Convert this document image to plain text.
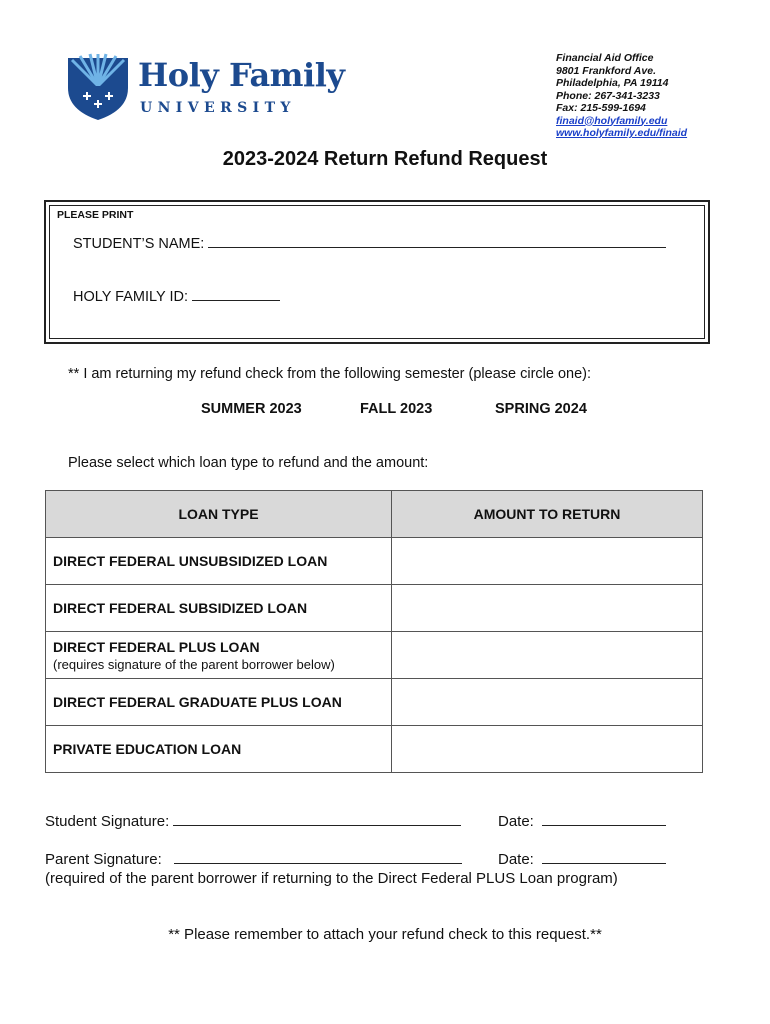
Holy Family
UNIVERSITY
Financial Aid Office
9801 Frankford Ave.
Philadelphia, PA 19114
Phone: 267-341-3233
Fax: 215-599-1694
finaid@holyfamily.edu
www.holyfamily.edu/finaid
2023-2024 Return Refund Request
PLEASE PRINT
STUDENT’S NAME:
HOLY FAMILY ID:
** I am returning my refund check from the following semester (please circle one):
SUMMER 2023	FALL 2023	SPRING 2024
Please select which loan type to refund and the amount:
LOAN TYPE	AMOUNT TO RETURN

DIRECT FEDERAL UNSUBSIDIZED LOAN	

DIRECT FEDERAL SUBSIDIZED LOAN	

DIRECT FEDERAL PLUS LOAN
(requires signature of the parent borrower below)	

DIRECT FEDERAL GRADUATE PLUS LOAN	

PRIVATE EDUCATION LOAN	

Student Signature:	Date:
Parent Signature:	Date:
(required of the parent borrower if returning to the Direct Federal PLUS Loan program)
** Please remember to attach your refund check to this request.**
